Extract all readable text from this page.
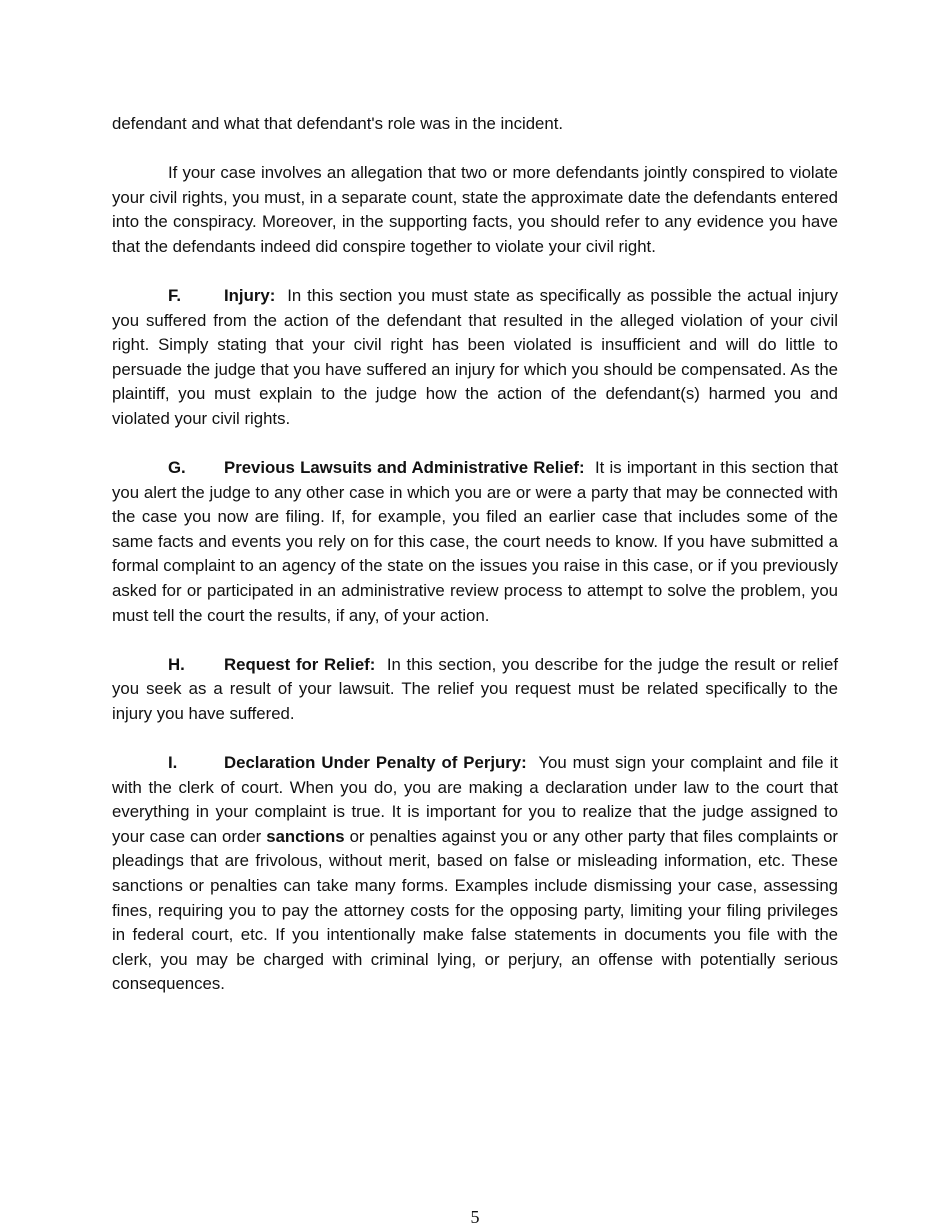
defendant and what that defendant's role was in the incident.

If your case involves an allegation that two or more defendants jointly conspired to violate your civil rights, you must, in a separate count, state the approximate date the defendants entered into the conspiracy. Moreover, in the supporting facts, you should refer to any evidence you have that the defendants indeed did conspire together to violate your civil right.

F.	Injury: In this section you must state as specifically as possible the actual injury you suffered from the action of the defendant that resulted in the alleged violation of your civil right. Simply stating that your civil right has been violated is insufficient and will do little to persuade the judge that you have suffered an injury for which you should be compensated. As the plaintiff, you must explain to the judge how the action of the defendant(s) harmed you and violated your civil rights.

G. Previous Lawsuits and Administrative Relief: It is important in this section that you alert the judge to any other case in which you are or were a party that may be connected with the case you now are filing. If, for example, you filed an earlier case that includes some of the same facts and events you rely on for this case, the court needs to know. If you have submitted a formal complaint to an agency of the state on the issues you raise in this case, or if you previously asked for or participated in an administrative review process to attempt to solve the problem, you must tell the court the results, if any, of your action.

H. Request for Relief: In this section, you describe for the judge the result or relief you seek as a result of your lawsuit. The relief you request must be related specifically to the injury you have suffered.

I.	Declaration Under Penalty of Perjury: You must sign your complaint and file it with the clerk of court. When you do, you are making a declaration under law to the court that everything in your complaint is true. It is important for you to realize that the judge assigned to your case can order sanctions or penalties against you or any other party that files complaints or pleadings that are frivolous, without merit, based on false or misleading information, etc. These sanctions or penalties can take many forms. Examples include dismissing your case, assessing fines, requiring you to pay the attorney costs for the opposing party, limiting your filing privileges in federal court, etc. If you intentionally make false statements in documents you file with the clerk, you may be charged with criminal lying, or perjury, an offense with potentially serious consequences.

5
